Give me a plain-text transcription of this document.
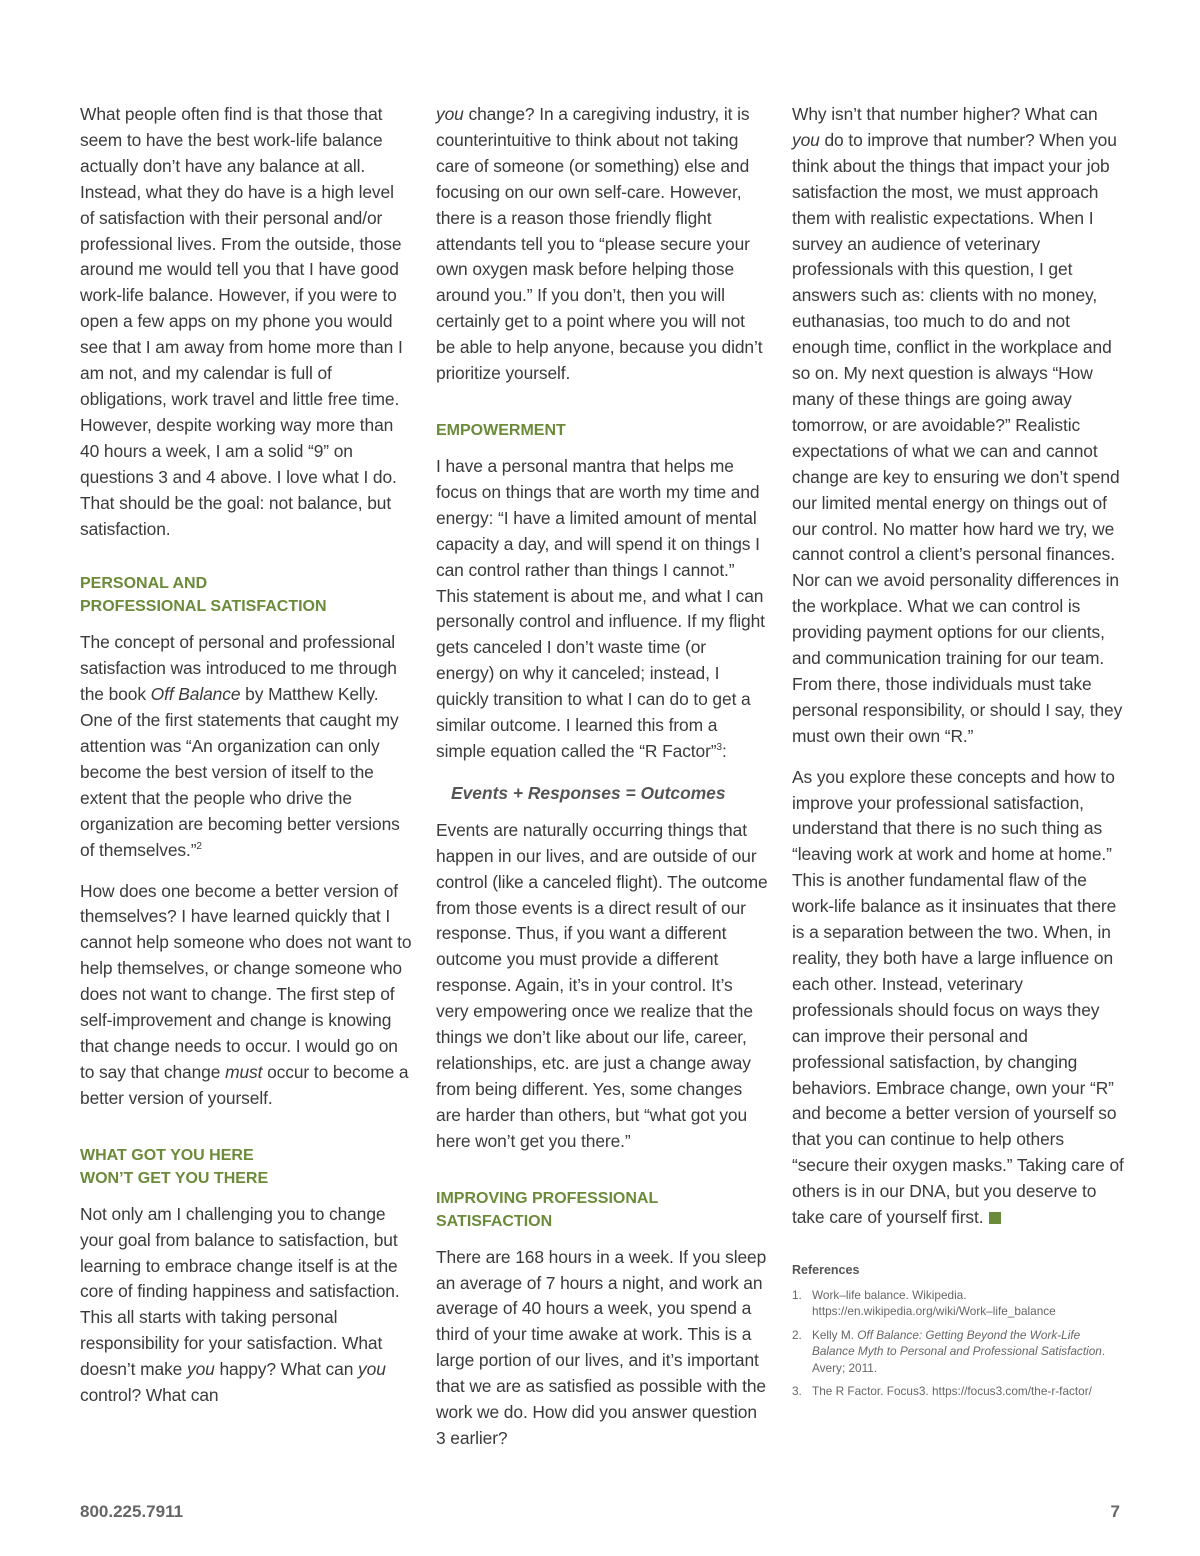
What people often find is that those that seem to have the best work-life balance actually don’t have any balance at all. Instead, what they do have is a high level of satisfaction with their personal and/or professional lives. From the outside, those around me would tell you that I have good work-life balance. However, if you were to open a few apps on my phone you would see that I am away from home more than I am not, and my calendar is full of obligations, work travel and little free time. However, despite working way more than 40 hours a week, I am a solid “9” on questions 3 and 4 above. I love what I do. That should be the goal: not balance, but satisfaction.

PERSONAL AND
PROFESSIONAL SATISFACTION

The concept of personal and professional satisfaction was introduced to me through the book Off Balance by Matthew Kelly. One of the first statements that caught my attention was “An organization can only become the best version of itself to the extent that the people who drive the organization are becoming better versions of themselves.”$^2$

How does one become a better version of themselves? I have learned quickly that I cannot help someone who does not want to help themselves, or change someone who does not want to change. The first step of self-improvement and change is knowing that change needs to occur. I would go on to say that change must occur to become a better version of yourself.

WHAT GOT YOU HERE
WON’T GET YOU THERE

Not only am I challenging you to change your goal from balance to satisfaction, but learning to embrace change itself is at the core of finding happiness and satisfaction. This all starts with taking personal responsibility for your satisfaction. What doesn’t make you happy? What can you control? What can

you change? In a caregiving industry, it is counterintuitive to think about not taking care of someone (or something) else and focusing on our own self-care. However, there is a reason those friendly flight attendants tell you to “please secure your own oxygen mask before helping those around you.” If you don’t, then you will certainly get to a point where you will not be able to help anyone, because you didn’t prioritize yourself.

EMPOWERMENT

I have a personal mantra that helps me focus on things that are worth my time and energy: “I have a limited amount of mental capacity a day, and will spend it on things I can control rather than things I cannot.” This statement is about me, and what I can personally control and influence. If my flight gets canceled I don’t waste time (or energy) on why it canceled; instead, I quickly transition to what I can do to get a similar outcome. I learned this from a simple equation called the “R Factor”$^3$:

Events + Responses = Outcomes

Events are naturally occurring things that happen in our lives, and are outside of our control (like a canceled flight). The outcome from those events is a direct result of our response. Thus, if you want a different outcome you must provide a different response. Again, it’s in your control. It’s very empowering once we realize that the things we don’t like about our life, career, relationships, etc. are just a change away from being different. Yes, some changes are harder than others, but “what got you here won’t get you there.”

IMPROVING PROFESSIONAL SATISFACTION

There are 168 hours in a week. If you sleep an average of 7 hours a night, and work an average of 40 hours a week, you spend a third of your time awake at work. This is a large portion of our lives, and it’s important that we are as satisfied as possible with the work we do. How did you answer question 3 earlier?

Why isn’t that number higher? What can you do to improve that number? When you think about the things that impact your job satisfaction the most, we must approach them with realistic expectations. When I survey an audience of veterinary professionals with this question, I get answers such as: clients with no money, euthanasias, too much to do and not enough time, conflict in the workplace and so on. My next question is always “How many of these things are going away tomorrow, or are avoidable?” Realistic expectations of what we can and cannot change are key to ensuring we don’t spend our limited mental energy on things out of our control. No matter how hard we try, we cannot control a client’s personal finances. Nor can we avoid personality differences in the workplace. What we can control is providing payment options for our clients, and communication training for our team. From there, those individuals must take personal responsibility, or should I say, they must own their own “R.”

As you explore these concepts and how to improve your professional satisfaction, understand that there is no such thing as “leaving work at work and home at home.” This is another fundamental flaw of the work-life balance as it insinuates that there is a separation between the two. When, in reality, they both have a large influence on each other. Instead, veterinary professionals should focus on ways they can improve their personal and professional satisfaction, by changing behaviors. Embrace change, own your “R” and become a better version of yourself so that you can continue to help others “secure their oxygen masks.” Taking care of others is in our DNA, but you deserve to take care of yourself first.

References
1. Work–life balance. Wikipedia. https://en.wikipedia.org/wiki/Work–life_balance
2. Kelly M. Off Balance: Getting Beyond the Work-Life Balance Myth to Personal and Professional Satisfaction. Avery; 2011.
3. The R Factor. Focus3. https://focus3.com/the-r-factor/
800.225.7911	7
